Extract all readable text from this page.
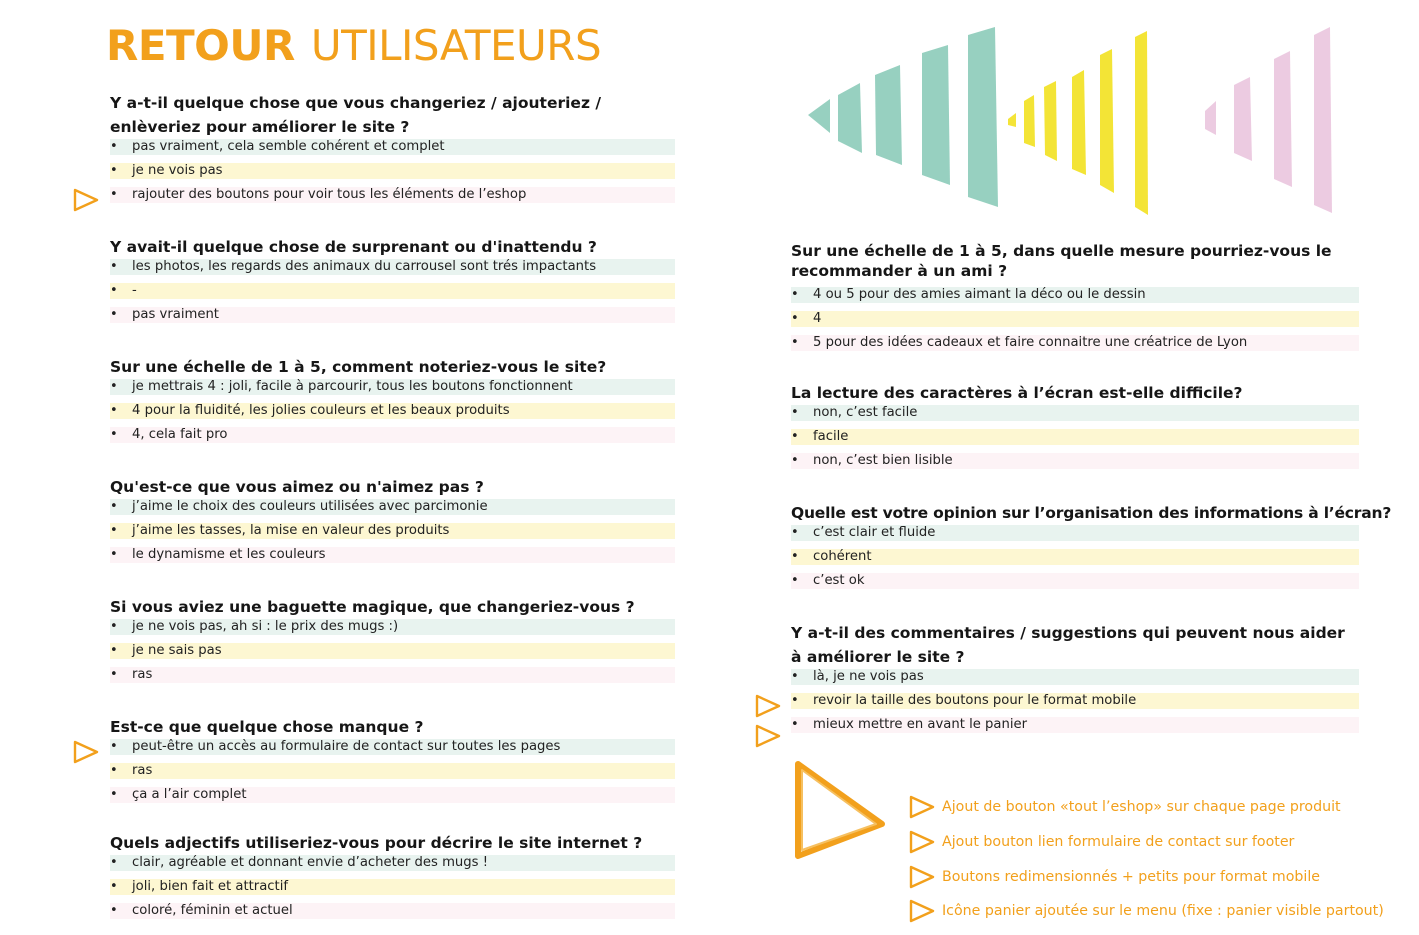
RETOUR UTILISATEURS

Y a-t-il quelque chose que vous changeriez / ajouteriez / enlèveriez pour améliorer le site ?

• pas vraiment, cela semble cohérent et complet
• je ne vois pas
• rajouter des boutons pour voir tous les éléments de l’eshop

Y avait-il quelque chose de surprenant ou d'inattendu ?

• les photos, les regards des animaux du carrousel sont trés impactants
• -
• pas vraiment

Sur une échelle de 1 à 5, comment noteriez-vous le site?

• je mettrais 4 : joli, facile à parcourir, tous les boutons fonctionnent
• 4 pour la fluidité, les jolies couleurs et les beaux produits
• 4, cela fait pro

Qu'est-ce que vous aimez ou n'aimez pas ?

• j’aime le choix des couleurs utilisées avec parcimonie
• j’aime les tasses, la mise en valeur des produits
• le dynamisme et les couleurs

Si vous aviez une baguette magique, que changeriez-vous ?

• je ne vois pas, ah si : le prix des mugs :)
• je ne sais pas
• ras

Est-ce que quelque chose manque ?

• peut-être un accès au formulaire de contact sur toutes les pages
• ras
• ça a l’air complet

Quels adjectifs utiliseriez-vous pour décrire le site internet ?

• clair, agréable et donnant envie d’acheter des mugs !
• joli, bien fait et attractif
• coloré, féminin et actuel

Sur une échelle de 1 à 5, dans quelle mesure pourriez-vous le recommander à un ami ?

• 4 ou 5 pour des amies aimant la déco ou le dessin
• 4
• 5 pour des idées cadeaux et faire connaitre une créatrice de Lyon

La lecture des caractères à l’écran est-elle difficile?

• non, c’est facile
• facile
• non, c’est bien lisible

Quelle est votre opinion sur l’organisation des informations à l’écran?

• c’est clair et fluide
• cohérent
• c’est ok

Y a-t-il des commentaires / suggestions qui peuvent nous aider à améliorer le site ?

• là, je ne vois pas
• revoir la taille des boutons pour le format mobile
• mieux mettre en avant le panier
Ajout de bouton «tout l’eshop» sur chaque page produit
Ajout bouton lien formulaire de contact sur footer
Boutons redimensionnés + petits pour format mobile
Icône panier ajoutée sur le menu (fixe : panier visible partout)
